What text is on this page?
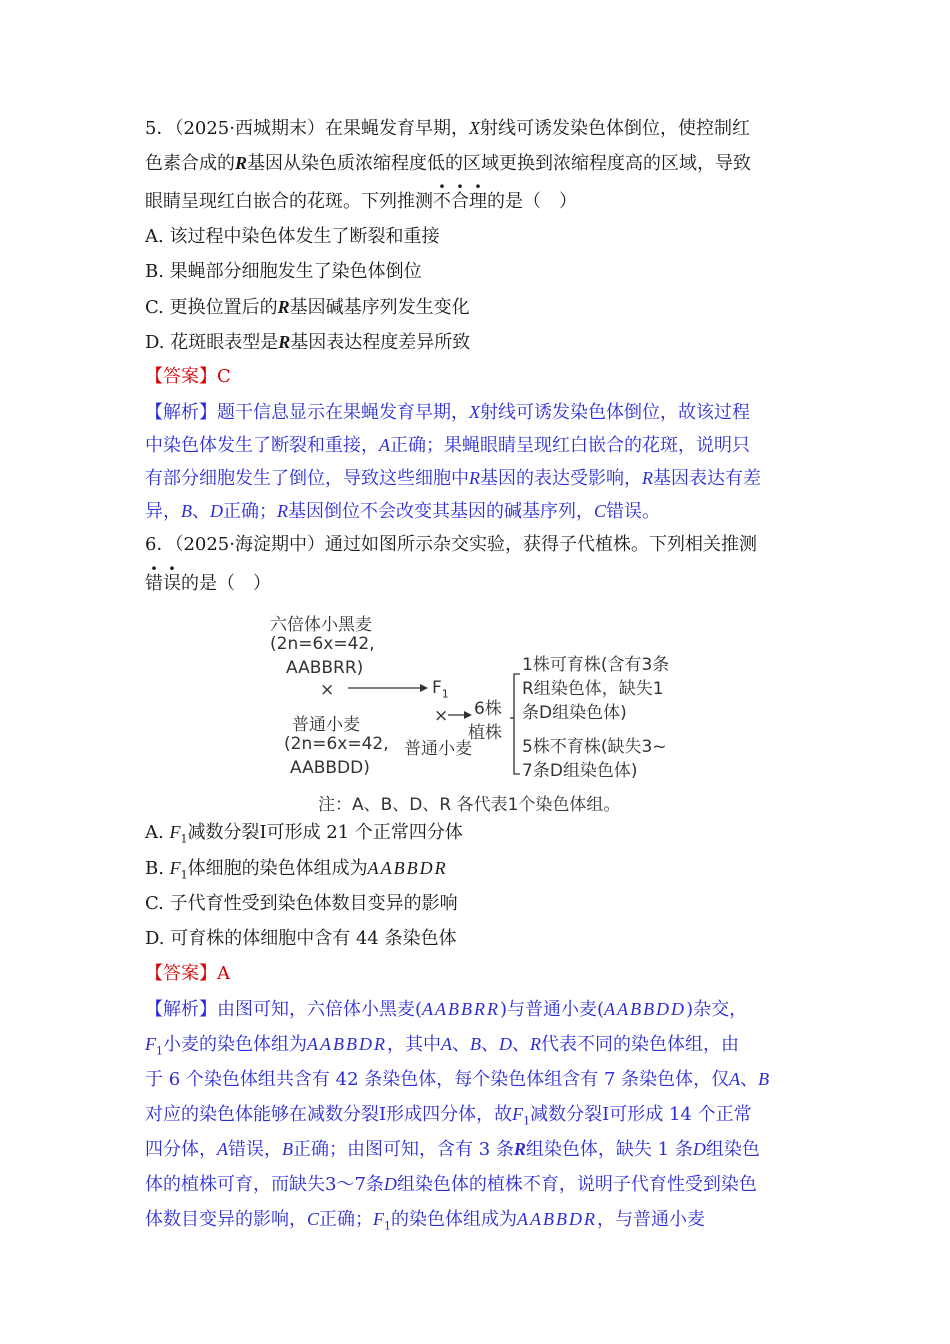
5．（2025·西城期末）在果蝇发育早期，X射线可诱发染色体倒位，使控制红
色素合成的R基因从染色质浓缩程度低的区域更换到浓缩程度高的区域，导致
眼睛呈现红白嵌合的花斑。下列推测不合理的是（　）
A. 该过程中染色体发生了断裂和重接
B. 果蝇部分细胞发生了染色体倒位
C. 更换位置后的R基因碱基序列发生变化
D. 花斑眼表型是R基因表达程度差异所致
【答案】C
【解析】题干信息显示在果蝇发育早期，X射线可诱发染色体倒位，故该过程
中染色体发生了断裂和重接，A正确；果蝇眼睛呈现红白嵌合的花斑，说明只
有部分细胞发生了倒位，导致这些细胞中R基因的表达受影响，R基因表达有差
异，B、D正确；R基因倒位不会改变其基因的碱基序列，C错误。
6．（2025·海淀期中）通过如图所示杂交实验，获得子代植株。下列相关推测
错误的是（　）
六倍体小黑麦
(2n=6x=42,
AABBRR)
×	$F_1$
× 6株
植株
1株可育株(含有3条
R组染色体，缺失1
条D组染色体)
普通小麦
(2n=6x=42,
AABBDD)
普通小麦	5株不育株(缺失3~
7条D组染色体)
注：A、B、D、R 各代表1个染色体组。
A. $F_1$减数分裂Ⅰ可形成 21 个正常四分体
B. $F_1$体细胞的染色体组成为AABBDR
C. 子代育性受到染色体数目变异的影响
D. 可育株的体细胞中含有 44 条染色体
【答案】A
【解析】由图可知，六倍体小黑麦(AABBRR)与普通小麦(AABBDD)杂交，
$F_1$小麦的染色体组为AABBDR，其中A、B、D、R代表不同的染色体组，由
于 6 个染色体组共含有 42 条染色体，每个染色体组含有 7 条染色体，仅A、B
对应的染色体能够在减数分裂Ⅰ形成四分体，故$F_1$减数分裂Ⅰ可形成 14 个正常
四分体，A错误，B正确；由图可知，含有 3 条R组染色体，缺失 1 条D组染色
体的植株可育，而缺失3～7条D组染色体的植株不育，说明子代育性受到染色
体数目变异的影响，C正确；$F_1$的染色体组成为AABBDR，与普通小麦
